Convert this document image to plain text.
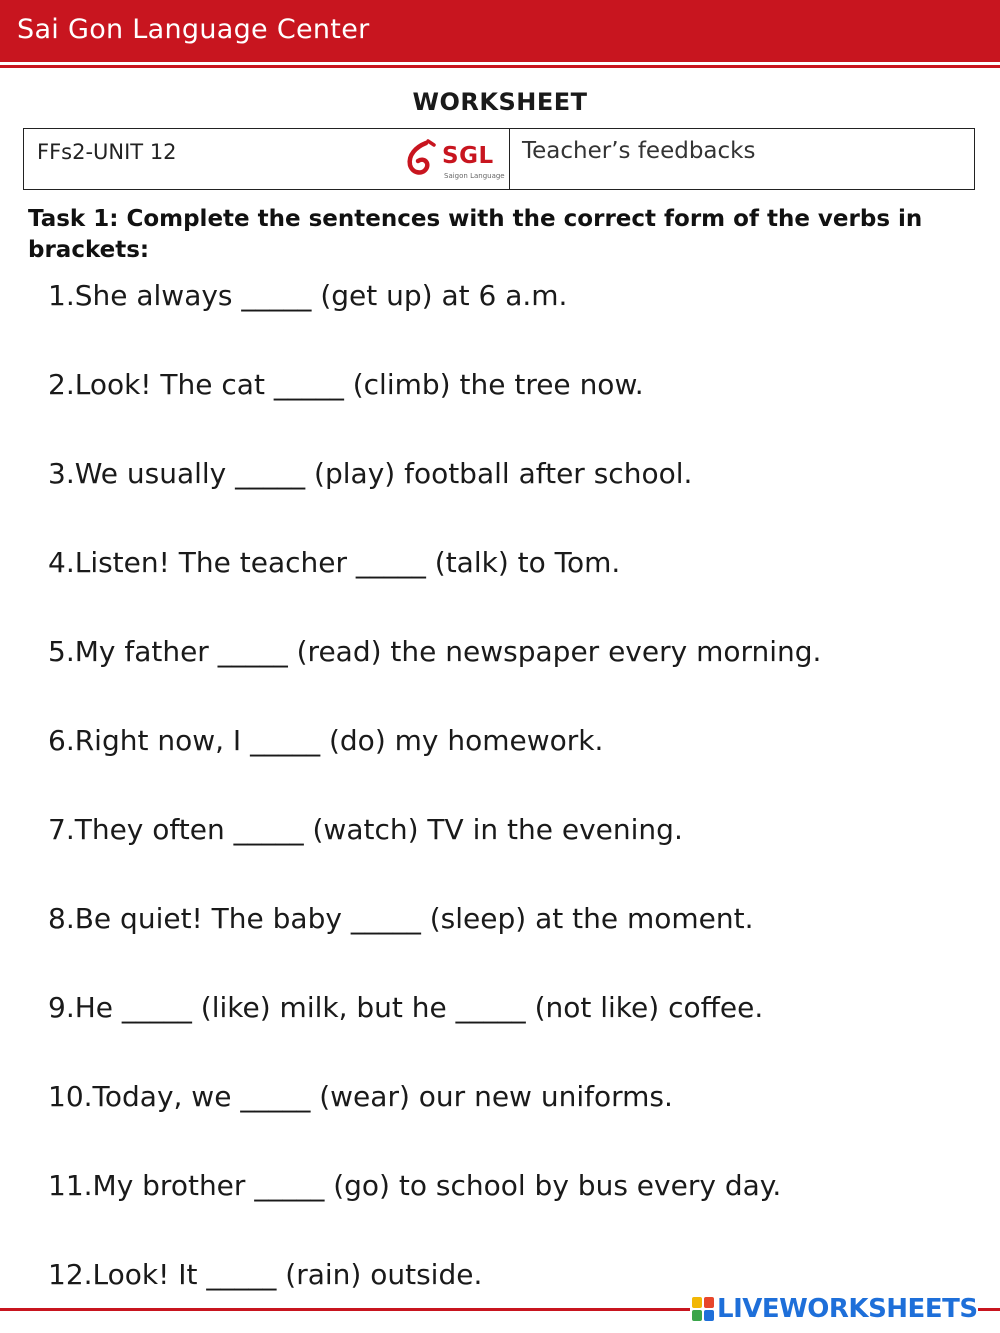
Sai Gon Language Center
WORKSHEET
FFs2-UNIT 12	SGL
Saigon Language
Teacher’s feedbacks
Task 1: Complete the sentences with the correct form of the verbs in brackets:
1.She always _____ (get up) at 6 a.m.
2.Look! The cat _____ (climb) the tree now.
3.We usually _____ (play) football after school.
4.Listen! The teacher _____ (talk) to Tom.
5.My father _____ (read) the newspaper every morning.
6.Right now, I _____ (do) my homework.
7.They often _____ (watch) TV in the evening.
8.Be quiet! The baby _____ (sleep) at the moment.
9.He _____ (like) milk, but he _____ (not like) coffee.
10.Today, we _____ (wear) our new uniforms.
11.My brother _____ (go) to school by bus every day.
12.Look! It _____ (rain) outside.
LIVEWORKSHEETS
